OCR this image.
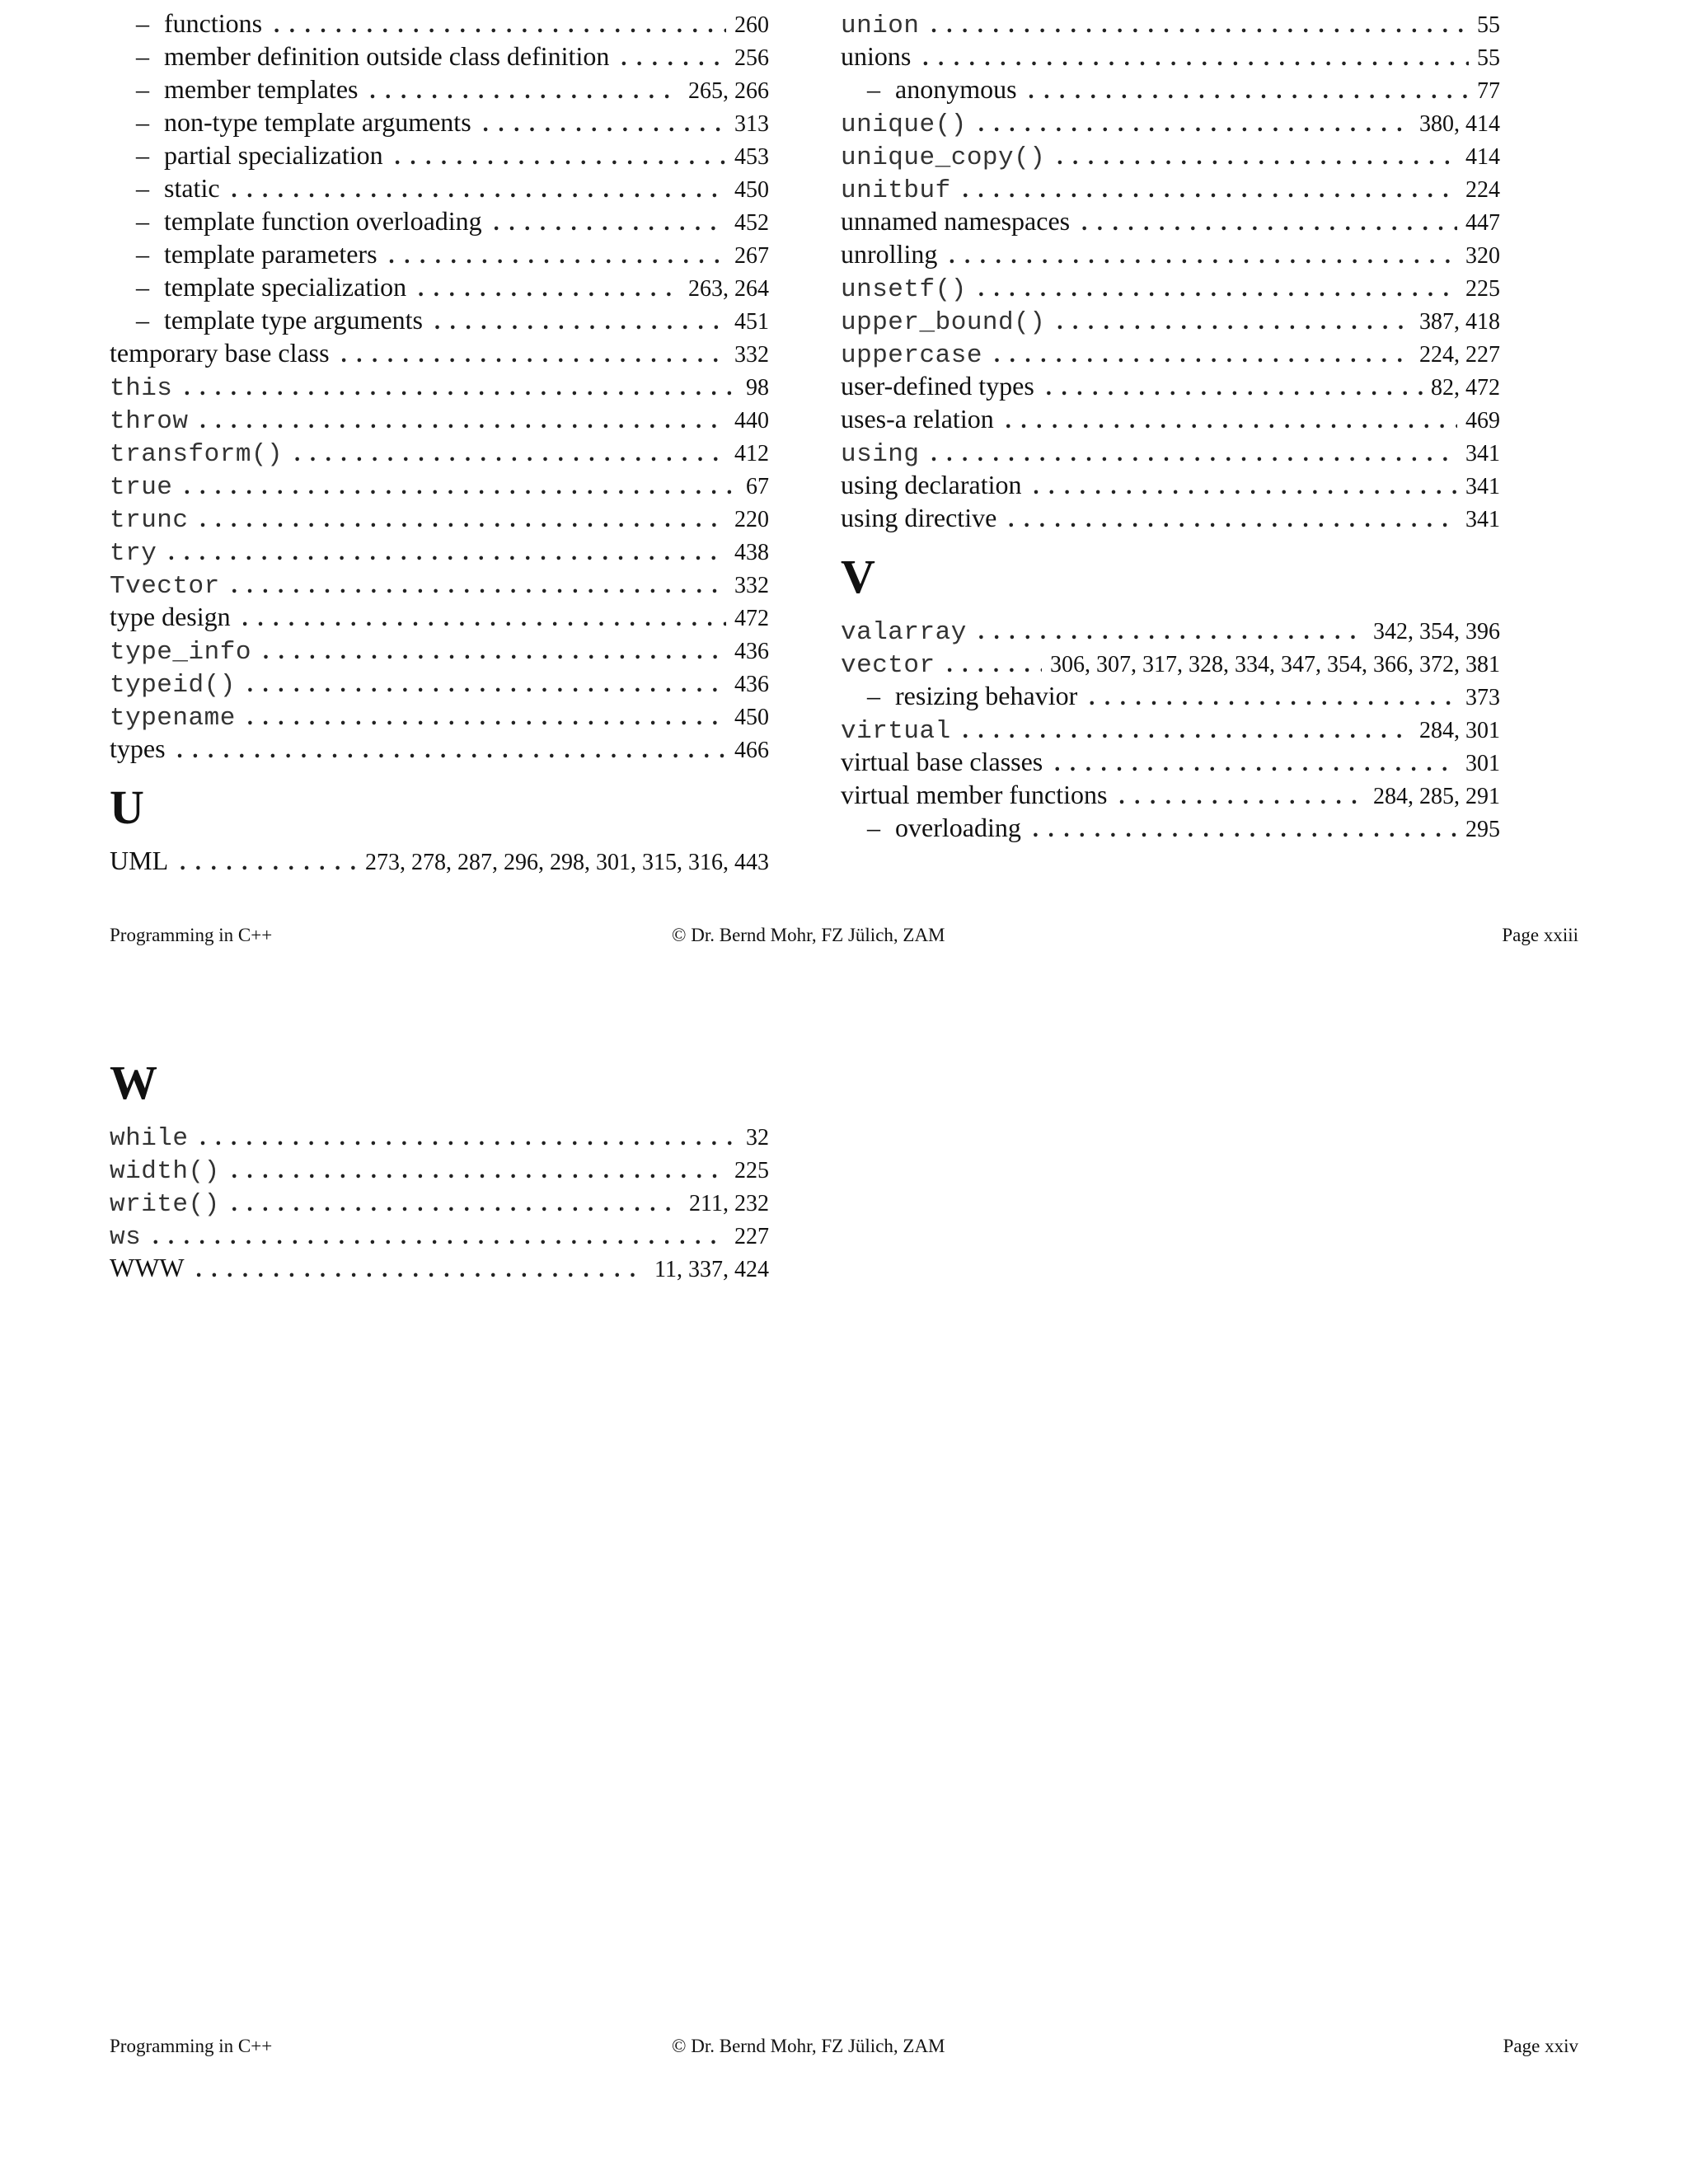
– functions . . .	260
– member definition outside class definition . . .	256
– member templates . . .	265, 266
– non-type template arguments . . .	313
– partial specialization . . .	453
– static . . .	450
– template function overloading . . .	452
– template parameters . . .	267
– template specialization . . .	263, 264
– template type arguments . . .	451
temporary base class . . .	332
this . . .	98
throw . . .	440
transform() . . .	412
true . . .	67
trunc . . .	220
try . . .	438
Tvector . . .	332
type design . . .	472
type_info . . .	436
typeid() . . .	436
typename . . .	450
types . . .	466
U
UML . . .	273, 278, 287, 296, 298, 301, 315, 316, 443
union . . .	55
unions . . .	55
– anonymous . . .	77
unique() . . .	380, 414
unique_copy() . . .	414
unitbuf . . .	224
unnamed namespaces . . .	447
unrolling . . .	320
unsetf() . . .	225
upper_bound() . . .	387, 418
uppercase . . .	224, 227
user-defined types . . .	82, 472
uses-a relation . . .	469
using . . .	341
using declaration . . .	341
using directive . . .	341
V
valarray . . .	342, 354, 396
vector . . .	306, 307, 317, 328, 334, 347, 354, 366, 372, 381
– resizing behavior . . .	373
virtual . . .	284, 301
virtual base classes . . .	301
virtual member functions . . .	284, 285, 291
– overloading . . .	295
Programming in C++	© Dr. Bernd Mohr, FZ Jülich, ZAM	Page xxiii
W
while . . .	32
width() . . .	225
write() . . .	211, 232
ws . . .	227
WWW . . .	11, 337, 424
Programming in C++	© Dr. Bernd Mohr, FZ Jülich, ZAM	Page xxiv
